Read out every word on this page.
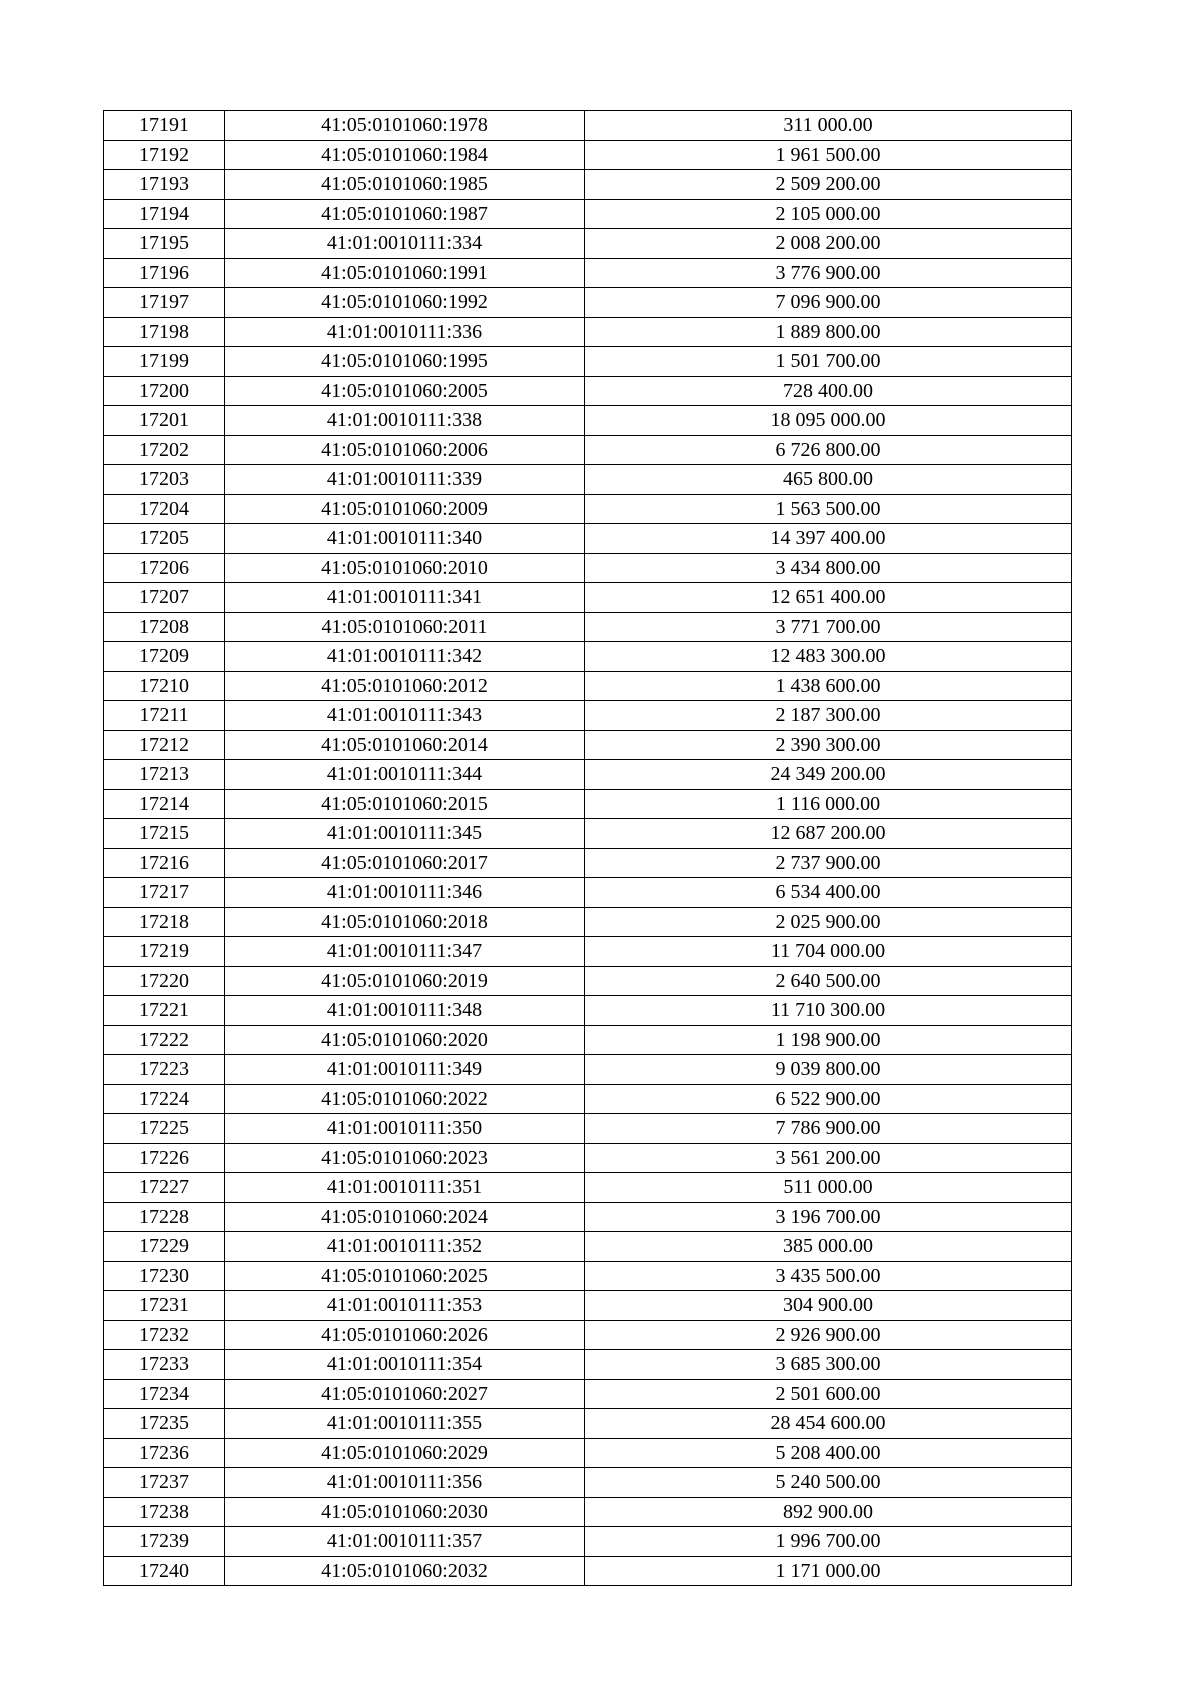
17191	41:05:0101060:1978	311 000.00
17192	41:05:0101060:1984	1 961 500.00
17193	41:05:0101060:1985	2 509 200.00
17194	41:05:0101060:1987	2 105 000.00
17195	41:01:0010111:334	2 008 200.00
17196	41:05:0101060:1991	3 776 900.00
17197	41:05:0101060:1992	7 096 900.00
17198	41:01:0010111:336	1 889 800.00
17199	41:05:0101060:1995	1 501 700.00
17200	41:05:0101060:2005	728 400.00
17201	41:01:0010111:338	18 095 000.00
17202	41:05:0101060:2006	6 726 800.00
17203	41:01:0010111:339	465 800.00
17204	41:05:0101060:2009	1 563 500.00
17205	41:01:0010111:340	14 397 400.00
17206	41:05:0101060:2010	3 434 800.00
17207	41:01:0010111:341	12 651 400.00
17208	41:05:0101060:2011	3 771 700.00
17209	41:01:0010111:342	12 483 300.00
17210	41:05:0101060:2012	1 438 600.00
17211	41:01:0010111:343	2 187 300.00
17212	41:05:0101060:2014	2 390 300.00
17213	41:01:0010111:344	24 349 200.00
17214	41:05:0101060:2015	1 116 000.00
17215	41:01:0010111:345	12 687 200.00
17216	41:05:0101060:2017	2 737 900.00
17217	41:01:0010111:346	6 534 400.00
17218	41:05:0101060:2018	2 025 900.00
17219	41:01:0010111:347	11 704 000.00
17220	41:05:0101060:2019	2 640 500.00
17221	41:01:0010111:348	11 710 300.00
17222	41:05:0101060:2020	1 198 900.00
17223	41:01:0010111:349	9 039 800.00
17224	41:05:0101060:2022	6 522 900.00
17225	41:01:0010111:350	7 786 900.00
17226	41:05:0101060:2023	3 561 200.00
17227	41:01:0010111:351	511 000.00
17228	41:05:0101060:2024	3 196 700.00
17229	41:01:0010111:352	385 000.00
17230	41:05:0101060:2025	3 435 500.00
17231	41:01:0010111:353	304 900.00
17232	41:05:0101060:2026	2 926 900.00
17233	41:01:0010111:354	3 685 300.00
17234	41:05:0101060:2027	2 501 600.00
17235	41:01:0010111:355	28 454 600.00
17236	41:05:0101060:2029	5 208 400.00
17237	41:01:0010111:356	5 240 500.00
17238	41:05:0101060:2030	892 900.00
17239	41:01:0010111:357	1 996 700.00
17240	41:05:0101060:2032	1 171 000.00
